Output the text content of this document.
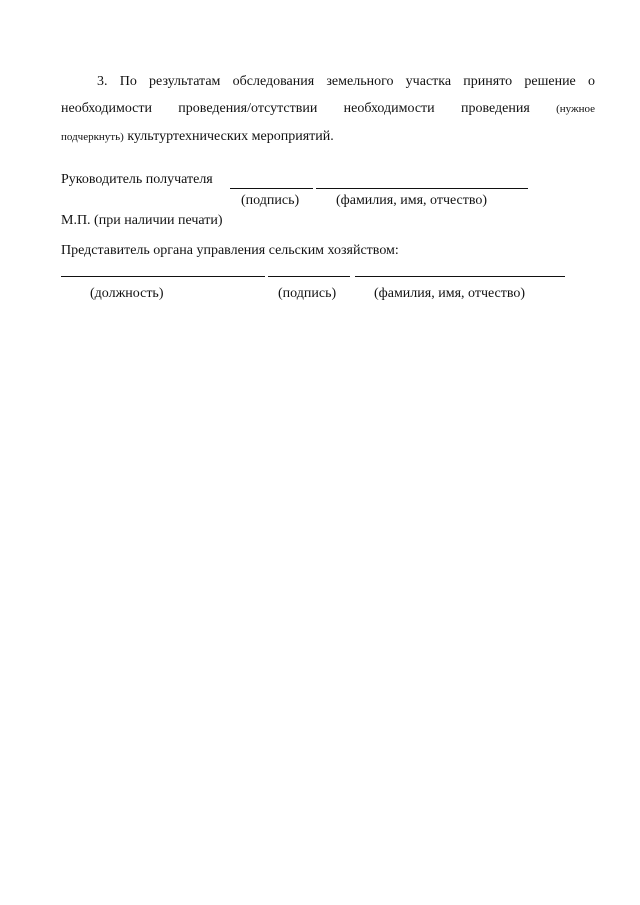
3. По результатам обследования земельного участка принято решение о
необходимости проведения/отсутствии необходимости проведения (нужное
подчеркнуть) культуртехнических мероприятий.
Руководитель получателя
(подпись)	(фамилия, имя, отчество)
М.П. (при наличии печати)
Представитель органа управления сельским хозяйством:
(должность)	(подпись)	(фамилия, имя, отчество)
